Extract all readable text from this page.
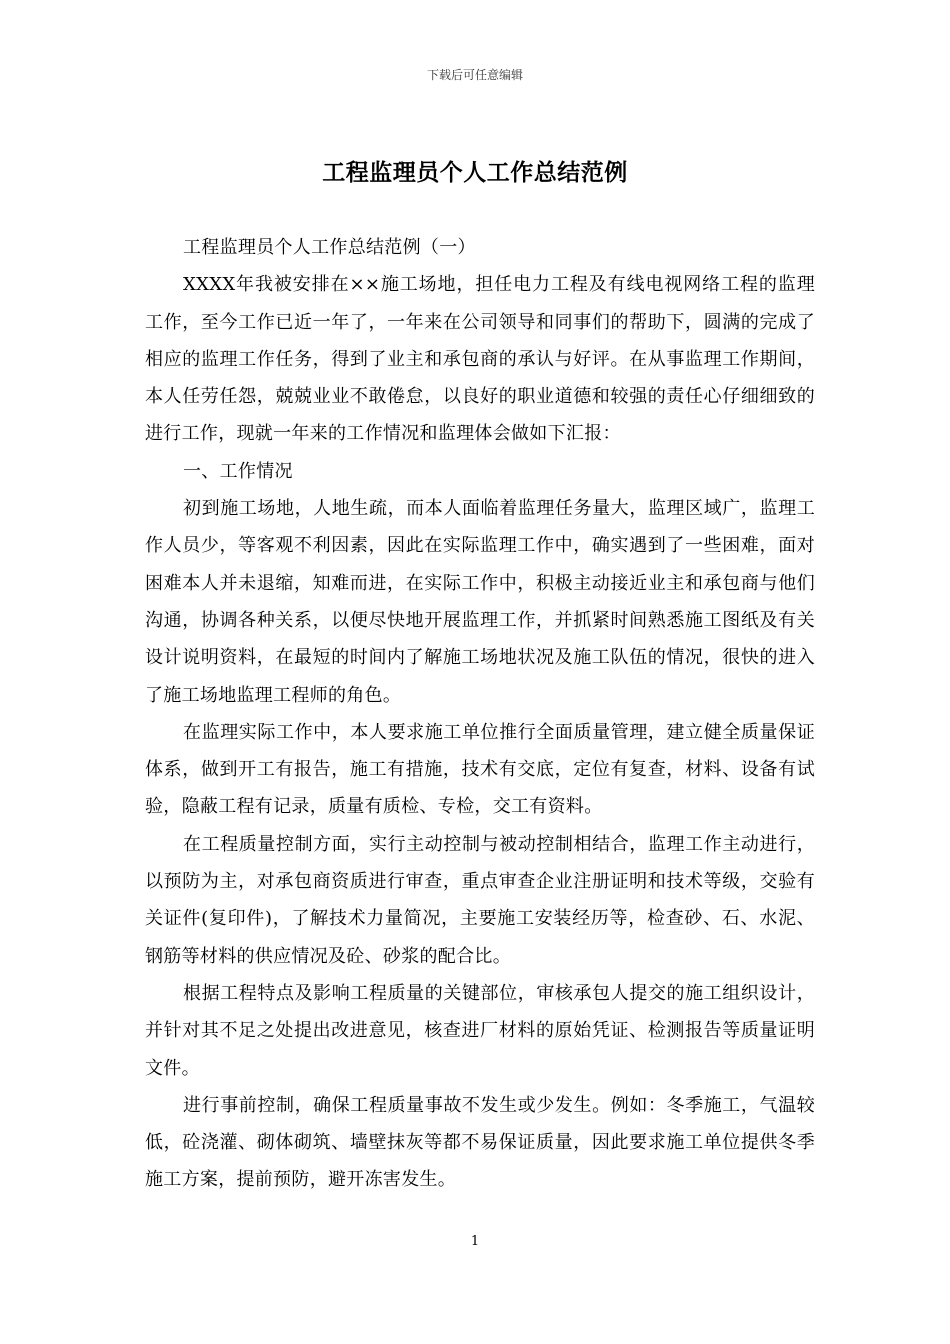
下载后可任意编辑
工程监理员个人工作总结范例

工程监理员个人工作总结范例（一）

XXXX年我被安排在××施工场地，担任电力工程及有线电视网络工程的监理工作，至今工作已近一年了，一年来在公司领导和同事们的帮助下，圆满的完成了相应的监理工作任务，得到了业主和承包商的承认与好评。在从事监理工作期间，本人任劳任怨，兢兢业业不敢倦怠，以良好的职业道德和较强的责任心仔细细致的进行工作，现就一年来的工作情况和监理体会做如下汇报：

一、工作情况

初到施工场地，人地生疏，而本人面临着监理任务量大，监理区域广，监理工作人员少，等客观不利因素，因此在实际监理工作中，确实遇到了一些困难，面对困难本人并未退缩，知难而进，在实际工作中，积极主动接近业主和承包商与他们沟通，协调各种关系，以便尽快地开展监理工作，并抓紧时间熟悉施工图纸及有关设计说明资料，在最短的时间内了解施工场地状况及施工队伍的情况，很快的进入了施工场地监理工程师的角色。

在监理实际工作中，本人要求施工单位推行全面质量管理，建立健全质量保证体系，做到开工有报告，施工有措施，技术有交底，定位有复查，材料、设备有试验，隐蔽工程有记录，质量有质检、专检，交工有资料。

在工程质量控制方面，实行主动控制与被动控制相结合，监理工作主动进行，以预防为主，对承包商资质进行审查，重点审查企业注册证明和技术等级，交验有关证件(复印件)，了解技术力量简况，主要施工安装经历等，检查砂、石、水泥、钢筋等材料的供应情况及砼、砂浆的配合比。

根据工程特点及影响工程质量的关键部位，审核承包人提交的施工组织设计，并针对其不足之处提出改进意见，核查进厂材料的原始凭证、检测报告等质量证明文件。

进行事前控制，确保工程质量事故不发生或少发生。例如：冬季施工，气温较低，砼浇灌、砌体砌筑、墙壁抹灰等都不易保证质量，因此要求施工单位提供冬季施工方案，提前预防，避开冻害发生。

1
